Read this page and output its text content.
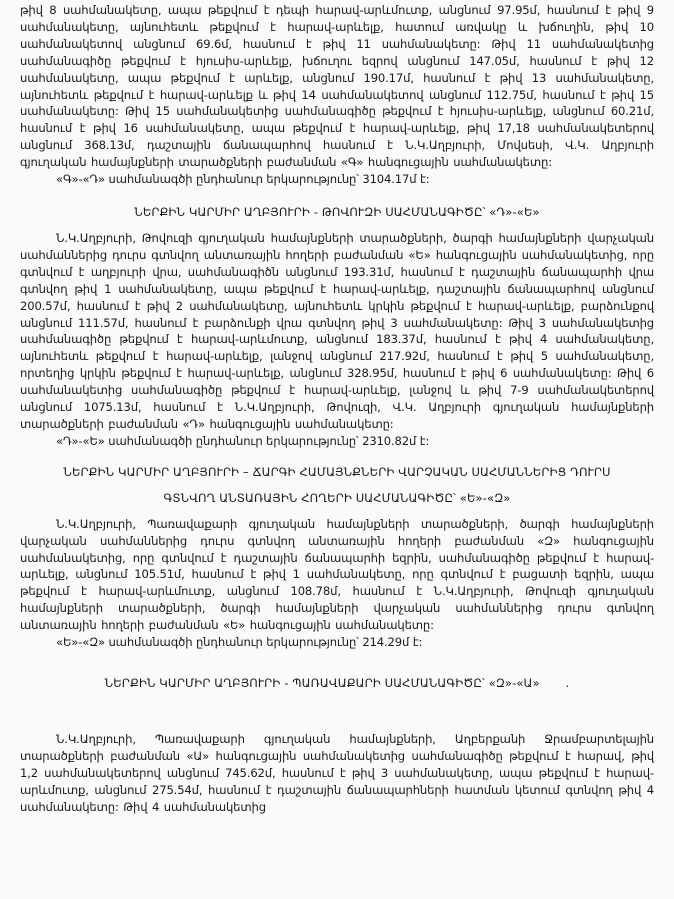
թիվ 8 սահմանակետը, ապա թեքվում է դեպի հարավ-արևմուտք, անցնում 97.95մ, հասնում է թիվ 9 սահմանակետը, այնուհետև թեքվում է հարավ-արևելք, հատում առվակը և խճուղին, թիվ 10 սահմանակետով անցնում 69.6մ, հասնում է թիվ 11 սահմանակետը: Թիվ 11 սահմանակետից սահմանագիծը թեքվում է հյուսիս-արևելք, խճուղու եզրով անցնում 147.05մ, հասնում է թիվ 12 սահմանակետը, ապա թեքվում է արևելք, անցնում 190.17մ, հասնում է թիվ 13 սահմանակետը, այնուհետև թեքվում է հարավ-արևելք և թիվ 14 սահմանակետով անցնում 112.75մ, հասնում է թիվ 15 սահմանակետը: Թիվ 15 սահմանակետից սահմանագիծը թեքվում է հյուսիս-արևելք, անցնում 60.21մ, հասնում է թիվ 16 սահմանակետը, ապա թեքվում է հարավ-արևելք, թիվ 17,18 սահմանակետերով անցնում 368.13մ, դաշտային ճանապարհով հասնում է Ն.Կ.Աղբյուրի, Մովսեսի, Վ.Կ. Աղբյուրի գյուղական համայնքների տարածքների բաժանման «Գ» հանգուցային սահմանակետը:

«Գ»-«Դ» սահմանագծի ընդհանուր երկարությունը՝ 3104.17մ է:

ՆԵՐՔԻՆ ԿԱՐՄԻՐ ԱՂԲՅՈՒՐԻ - ԹՈՎՈՒԶԻ ՍԱՀՄԱՆԱԳԻԾԸ՝ «Դ»-«Ե»

Ն.Կ.Աղբյուրի, Թովուզի գյուղական համայնքների տարածքների, ծարգի համայնքների վարչական սահմաններից դուրս գտնվող անտառային հողերի բաժանման «Ե» հանգուցային սահմանակետից, որը գտնվում է աղբյուրի վրա, սահմանագիծն անցնում 193.31մ, հասնում է դաշտային ճանապարհի վրա գտնվող թիվ 1 սահմանակետը, ապա թեքվում է հարավ-արևելք, դաշտային ճանապարհով անցնում 200.57մ, հասնում է թիվ 2 սահմանակետը, այնուհետև կրկին թեքվում է հարավ-արևելք, բարձունքով անցնում 111.57մ, հասնում է բարձունքի վրա գտնվող թիվ 3 սահմանակետը: Թիվ 3 սահմանակետից սահմանագիծը թեքվում է հարավ-արևմուտք, անցնում 183.37մ, հասնում է թիվ 4 սահմանակետը, այնուհետև թեքվում է հարավ-արևելք, լանջով անցնում 217.92մ, հասնում է թիվ 5 սահմանակետը, որտեղից կրկին թեքվում է հարավ-արևելք, անցնում 328.95մ, հասնում է թիվ 6 սահմանակետը: Թիվ 6 սահմանակետից սահմանագիծը թեքվում է հարավ-արևելք, լանջով և թիվ 7-9 սահմանակետերով անցնում 1075.13մ, հասնում է Ն.Կ.Աղբյուրի, Թովուզի, Վ.Կ. Աղբյուրի գյուղական համայնքների տարածքների բաժանման «Դ» հանգուցային սահմանակետը:

«Դ»-«Ե» սահմանագծի ընդհանուր երկարությունը՝ 2310.82մ է:

ՆԵՐՔԻՆ ԿԱՐՄԻՐ ԱՂԲՅՈՒՐԻ – ՃԱՐԳԻ ՀԱՄԱՅՆՔՆԵՐԻ ՎԱՐՉԱԿԱՆ ՍԱՀՄԱՆՆԵՐԻՑ ԴՈՒՐՍ

ԳՏՆՎՈՂ ԱՆՏԱՌԱՅԻՆ ՀՈՂԵՐԻ ՍԱՀՄԱՆԱԳԻԾԸ՝ «Ե»-«Զ»

Ն.Կ.Աղբյուրի, Պառավաքարի գյուղական համայնքների տարածքների, ծարգի համայնքների վարչական սահմաններից դուրս գտնվող անտառային հողերի բաժանման «Զ» հանգուցային սահմանակետից, որը գտնվում է դաշտային ճանապարհի եզրին, սահմանագիծը թեքվում է հարավ-արևելք, անցնում 105.51մ, հասնում է թիվ 1 սահմանակետը, որը գտնվում է բացատի եզրին, ապա թեքվում է հարավ-արևմուտք, անցնում 108.78մ, հասնում է Ն.Կ.Աղբյուրի, Թովուզի գյուղական համայնքների տարածքների, ծարգի համայնքների վարչական սահմաններից դուրս գտնվող անտառային հողերի բաժանման «Ե» հանգուցային սահմանակետը:

«Ե»-«Զ» սահմանագծի ընդհանուր երկարությունը՝ 214.29մ է:

ՆԵՐՔԻՆ ԿԱՐՄԻՐ ԱՂԲՅՈՒՐԻ - ՊԱՌԱՎԱՔԱՐԻ ՍԱՀՄԱՆԱԳԻԾԸ՝ «Զ»-«Ա» .

Ն.Կ.Աղբյուրի, Պառավաքարի գյուղական համայնքների, Աղբերքանի Ջրամբարտելային տարածքների բաժանման «Ա» հանգուցային սահմանակետից սահմանագիծը թեքվում է հարավ, թիվ 1,2 սահմանակետերով անցնում 745.62մ, հասնում է թիվ 3 սահմանակետը, ապա թեքվում է հարավ-արևմուտք, անցնում 275.54մ, հասնում է դաշտային ճանապարհների հատման կետում գտնվող թիվ 4 սահմանակետը: Թիվ 4 սահմանակետից
